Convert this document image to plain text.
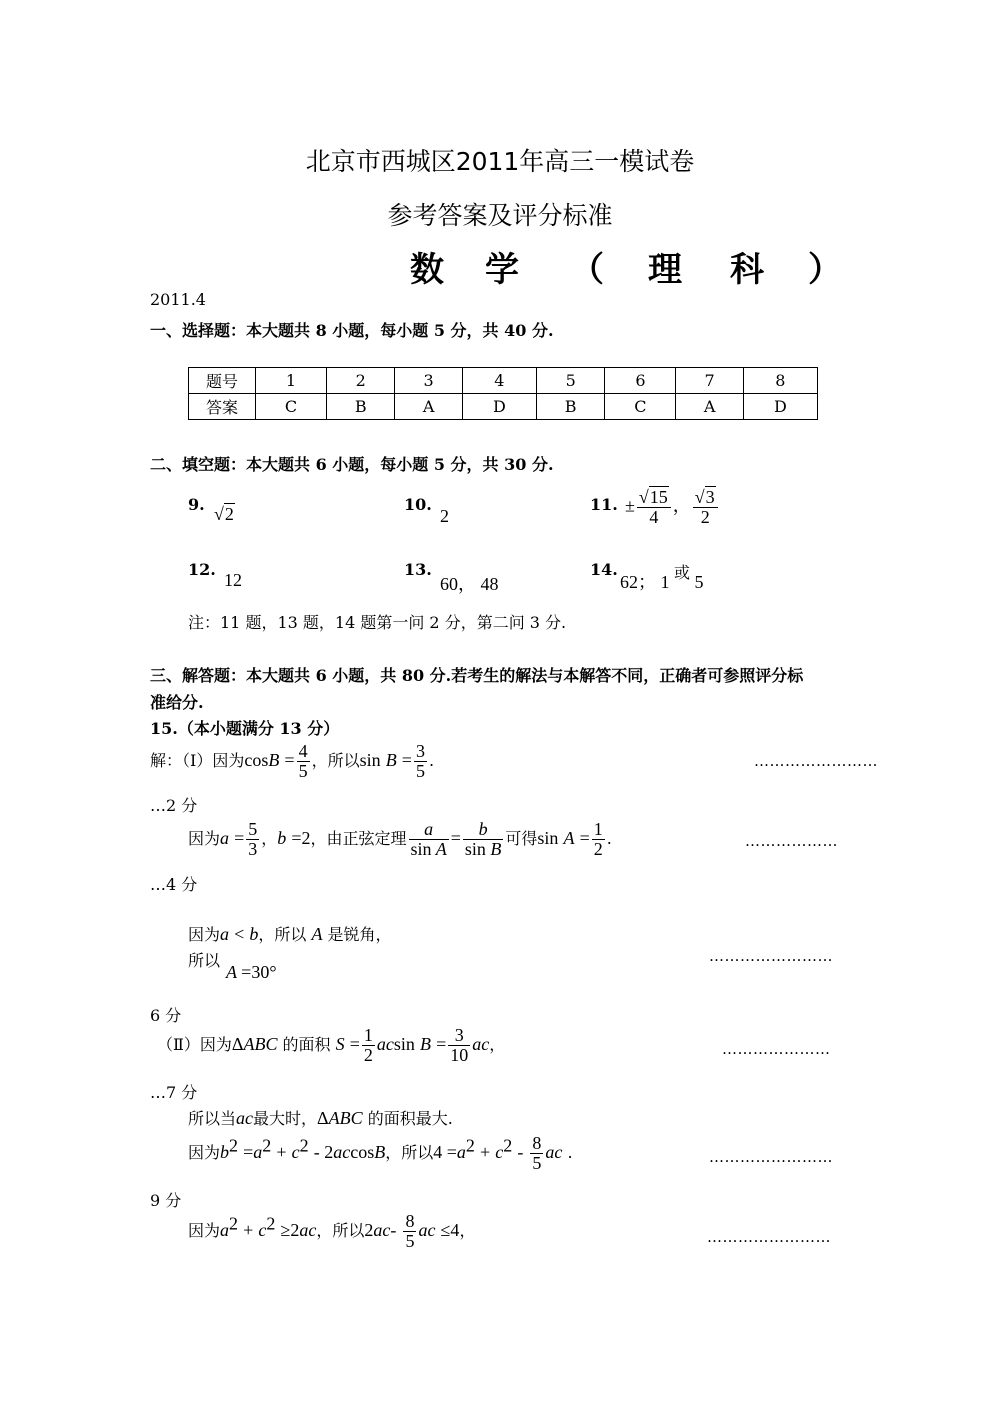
北京市西城区2011年高三一模试卷
参考答案及评分标准
数 学 （ 理 科 ）
2011.4
一、选择题：本大题共 8 小题，每小题 5 分，共 40 分.
题号	1	2	3	4	5	6	7	8
答案	C	B	A	D	B	C	A	D
二、填空题：本大题共 6 小题，每小题 5 分，共 30 分.
9. √2	10.
2
11. ± $\frac{√15}{4}$ ， $\frac{√3}{2}$
12.
12
13.
60， 48
14.
62； 1 或 5
注：11 题，13 题，14 题第一问 2 分，第二问 3 分.
三、解答题：本大题共 6 小题，共 80 分.若考生的解法与本解答不同，正确者可参照评分标
准给分.
15.（本小题满分 13 分）
解：（Ⅰ）因为$\cos B = \frac{4}{5}$ ，所以$\sin B = \frac{3}{5}$ .	……………………
…2 分
因为$a = \frac{5}{3}$ ，b =2，由正弦定理 $\frac{a}{\text{sin A}} = \frac{b}{\text{sin B}}$ 可得$\sin A = \frac{1}{2}$ .	………………
…4 分
因为a < b，所以 A 是锐角，
所以
A =30°
……………………
6 分
（Ⅱ）因为ΔABC 的面积 $S = \frac{1}{2}$ acsin $B = \frac{3}{10}$ ac，	…………………
…7 分
所以当ac最大时，ΔABC 的面积最大.
因为$b^2 =a^2 + c^2 - 2accosB$，所以$4 =a^2 + c^2 - \frac{8}{5}$ ac .	……………………
9 分
因为$a^2 + c^2 \ge 2ac$，所以$2ac- \frac{8}{5}$ ac ≤4，	……………………
